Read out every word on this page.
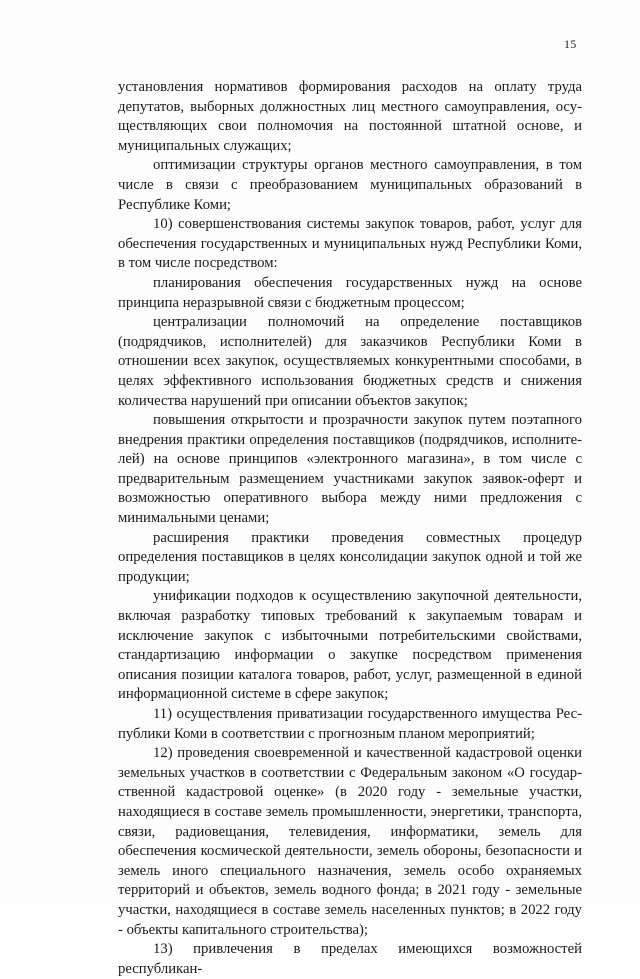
15

установления нормативов формирования расходов на оплату труда депутатов, выборных должностных лиц местного самоуправления, осуществляющих свои полномочия на постоянной штатной основе, и муниципальных служащих;

оптимизации структуры органов местного самоуправления, в том числе в связи с преобразованием муниципальных образований в Республике Коми;

10) совершенствования системы закупок товаров, работ, услуг для обеспечения государственных и муниципальных нужд Республики Коми, в том числе посредством:

планирования обеспечения государственных нужд на основе принципа неразрывной связи с бюджетным процессом;

централизации полномочий на определение поставщиков (подрядчиков, исполнителей) для заказчиков Республики Коми в отношении всех закупок, осуществляемых конкурентными способами, в целях эффективного использования бюджетных средств и снижения количества нарушений при описании объектов закупок;

повышения открытости и прозрачности закупок путем поэтапного внедрения практики определения поставщиков (подрядчиков, исполнителей) на основе принципов «электронного магазина», в том числе с предварительным размещением участниками закупок заявок-оферт и возможностью оперативного выбора между ними предложения с минимальными ценами;

расширения практики проведения совместных процедур определения поставщиков в целях консолидации закупок одной и той же продукции;

унификации подходов к осуществлению закупочной деятельности, включая разработку типовых требований к закупаемым товарам и исключение закупок с избыточными потребительскими свойствами, стандартизацию информации о закупке посредством применения описания позиции каталога товаров, работ, услуг, размещенной в единой информационной системе в сфере закупок;

11) осуществления приватизации государственного имущества Республики Коми в соответствии с прогнозным планом мероприятий;

12) проведения своевременной и качественной кадастровой оценки земельных участков в соответствии с Федеральным законом «О государственной кадастровой оценке» (в 2020 году - земельные участки, находящиеся в составе земель промышленности, энергетики, транспорта, связи, радиовещания, телевидения, информатики, земель для обеспечения космической деятельности, земель обороны, безопасности и земель иного специального назначения, земель особо охраняемых территорий и объектов, земель водного фонда; в 2021 году - земельные участки, находящиеся в составе земель населенных пунктов; в 2022 году - объекты капитального строительства);

13) привлечения в пределах имеющихся возможностей республикан-
